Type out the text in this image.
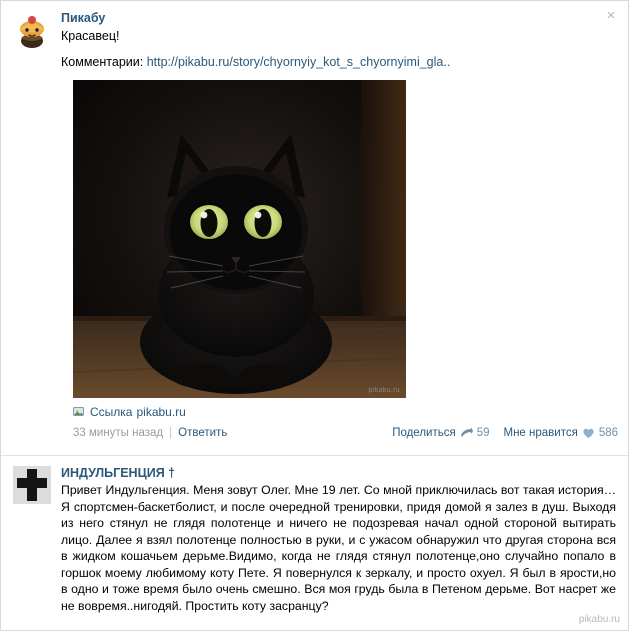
×
Пикабу
Красавец!
Комментарии: http://pikabu.ru/story/chyornyiy_kot_s_chyornyimi_gla..
pikabu.ru
Ссылка pikabu.ru
33 минуты назад | Ответить	Поделиться 59 Мне нравится 586
ИНДУЛЬГЕНЦИЯ †
Привет Индульгенция. Меня зовут Олег. Мне 19 лет. Со мной приключилась вот такая история… Я спортсмен-баскетболист, и после очередной тренировки, придя домой я залез в душ. Выходя из него стянул не глядя полотенце и ничего не подозревая начал одной стороной вытирать лицо. Далее я взял полотенце полностью в руки, и с ужасом обнаружил что другая сторона вся в жидком кошачьем дерьме.Видимо, когда не глядя стянул полотенце,оно случайно попало в горшок моему любимому коту Пете. Я повернулся к зеркалу, и просто охуел. Я был в ярости,но в одно и тоже время было очень смешно. Вся моя грудь была в Петеном дерьме. Вот насрет же не вовремя..нигодяй. Простить коту засранцу?
pikabu.ru
